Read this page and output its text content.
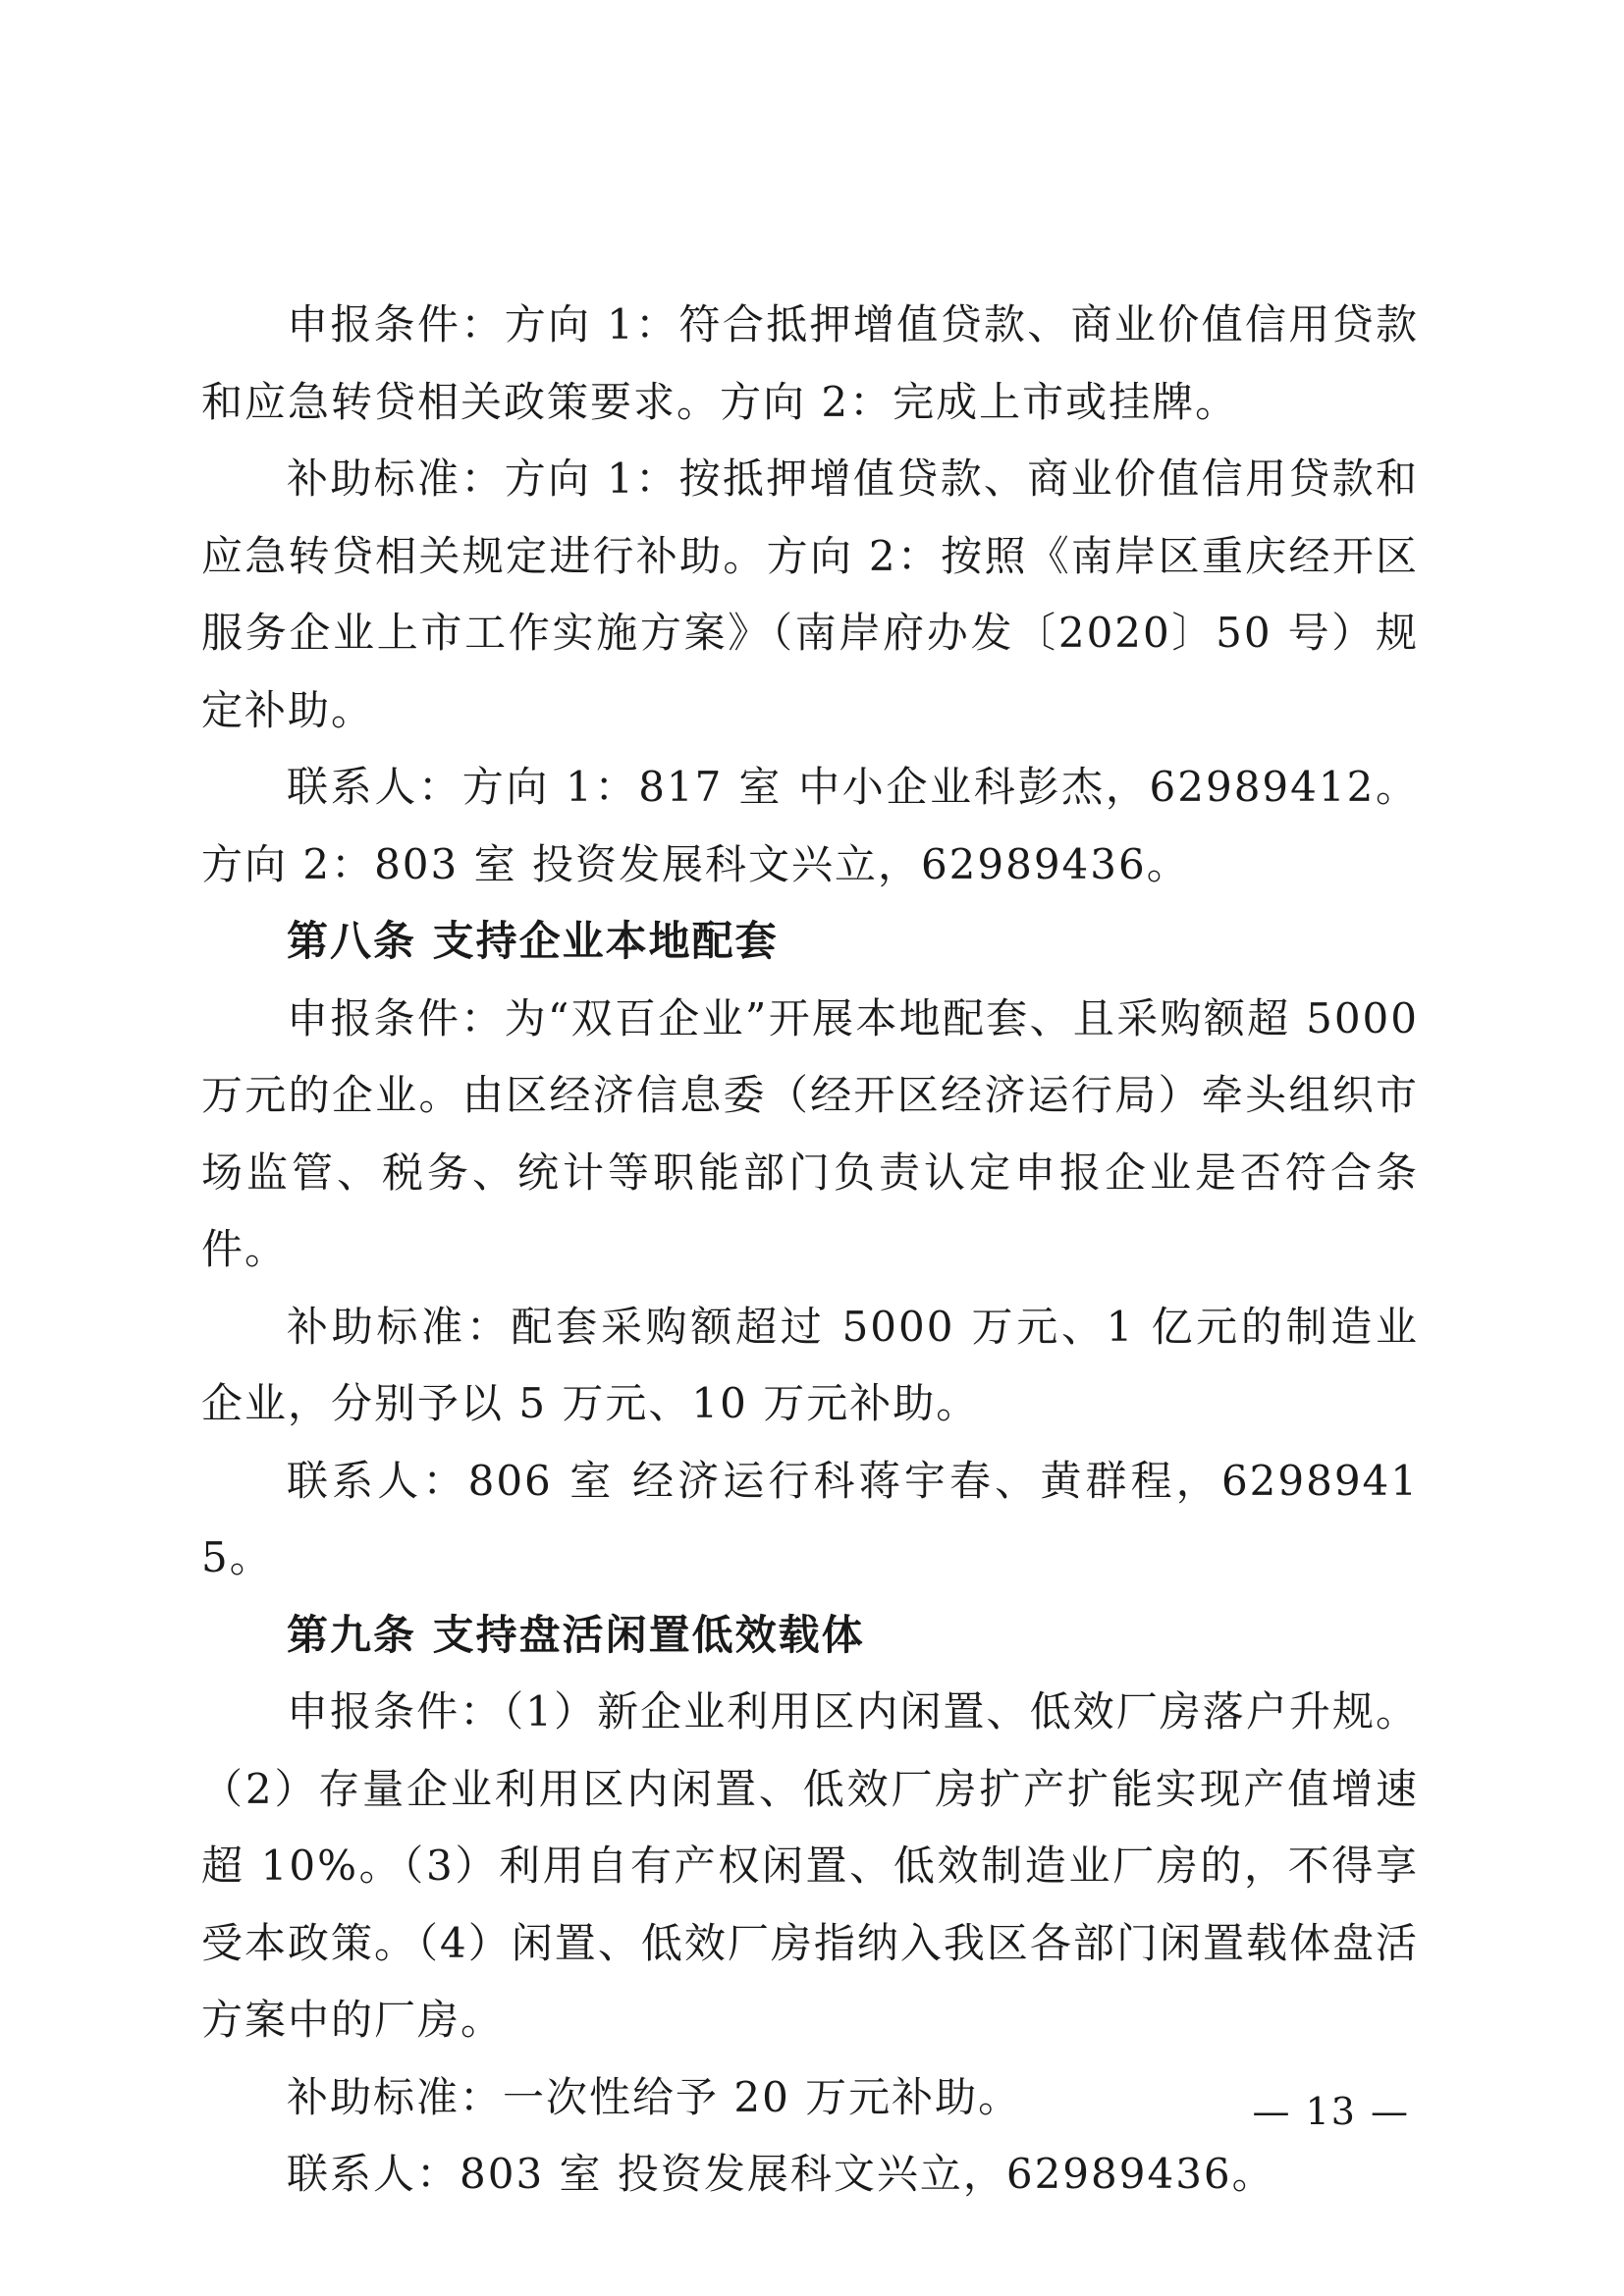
申报条件：方向 1：符合抵押增值贷款、商业价值信用贷款和应急转贷相关政策要求。方向 2：完成上市或挂牌。

补助标准：方向 1：按抵押增值贷款、商业价值信用贷款和应急转贷相关规定进行补助。方向 2：按照《南岸区重庆经开区服务企业上市工作实施方案》（南岸府办发〔2020〕50 号）规定补助。

联系人：方向 1：817 室 中小企业科彭杰，62989412。方向 2：803 室 投资发展科文兴立，62989436。

第八条 支持企业本地配套

申报条件：为“双百企业”开展本地配套、且采购额超 5000 万元的企业。由区经济信息委（经开区经济运行局）牵头组织市场监管、税务、统计等职能部门负责认定申报企业是否符合条件。

补助标准：配套采购额超过 5000 万元、1 亿元的制造业企业，分别予以 5 万元、10 万元补助。

联系人：806 室 经济运行科蒋宇春、黄群程，62989415。

第九条 支持盘活闲置低效载体

申报条件：（1）新企业利用区内闲置、低效厂房落户升规。（2）存量企业利用区内闲置、低效厂房扩产扩能实现产值增速超 10%。（3）利用自有产权闲置、低效制造业厂房的，不得享受本政策。（4）闲置、低效厂房指纳入我区各部门闲置载体盘活方案中的厂房。

补助标准：一次性给予 20 万元补助。

联系人：803 室 投资发展科文兴立，62989436。

— 13 —
